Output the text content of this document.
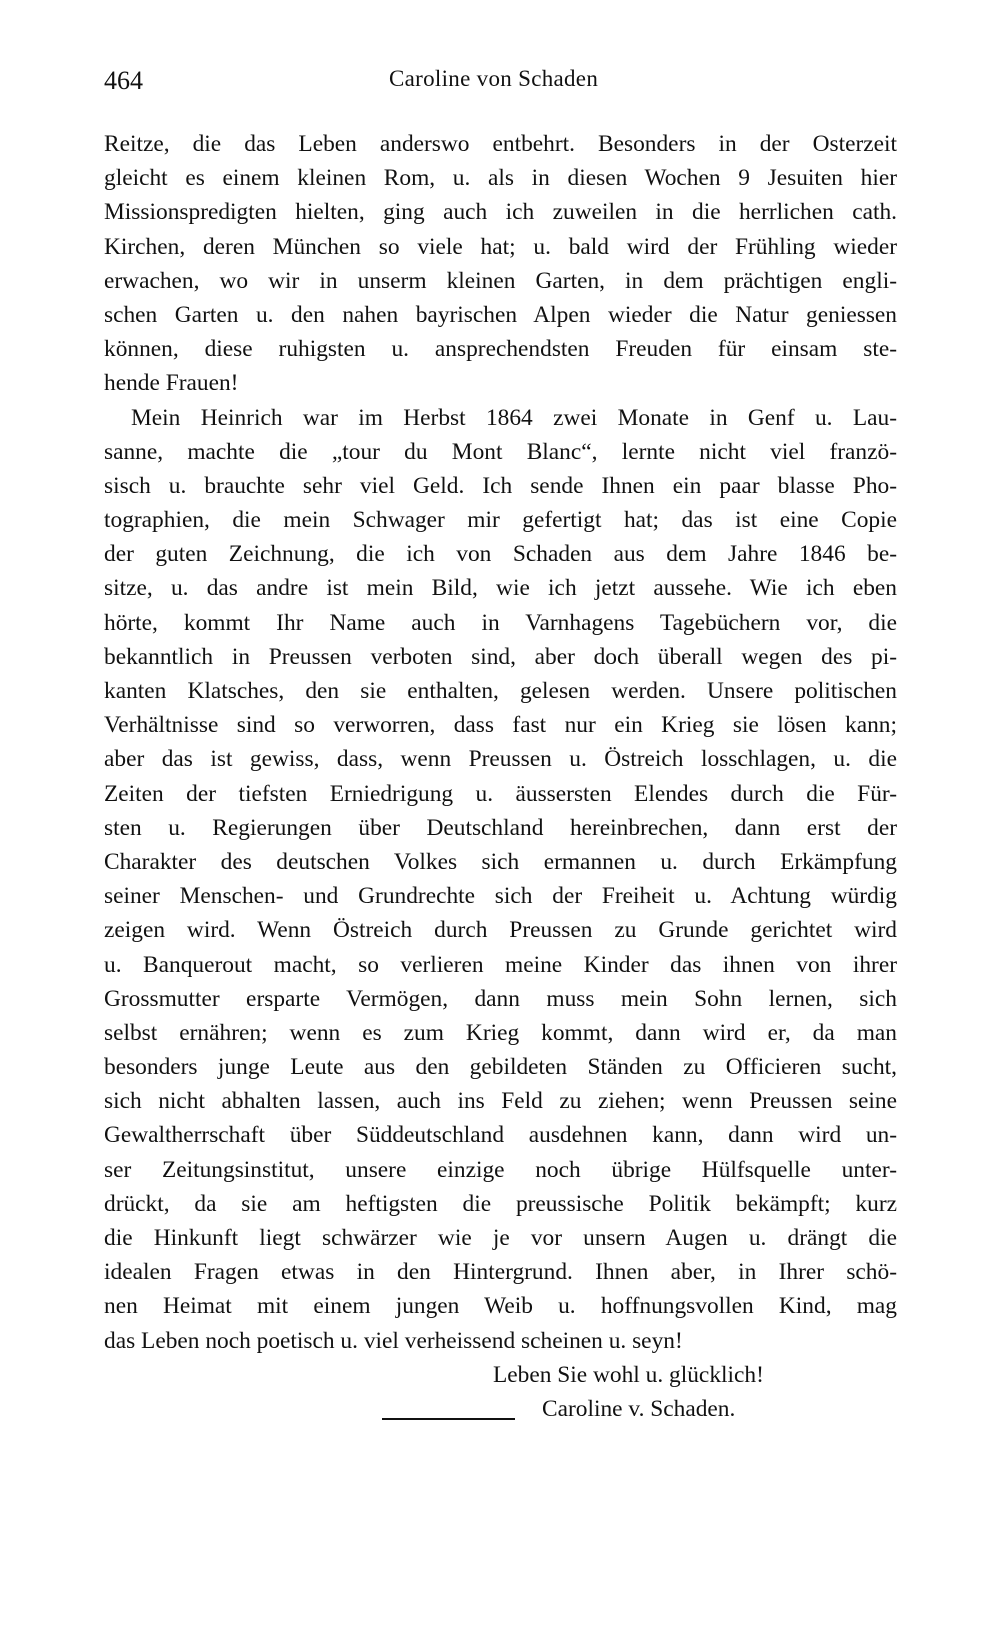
464	Caroline von Schaden
Reitze, die das Leben anderswo entbehrt. Besonders in der Osterzeit
gleicht es einem kleinen Rom, u. als in diesen Wochen 9 Jesuiten hier
Missionspredigten hielten, ging auch ich zuweilen in die herrlichen cath.
Kirchen, deren München so viele hat; u. bald wird der Frühling wieder
erwachen, wo wir in unserm kleinen Garten, in dem prächtigen engli-
schen Garten u. den nahen bayrischen Alpen wieder die Natur geniessen
können, diese ruhigsten u. ansprechendsten Freuden für einsam ste-
hende Frauen!
Mein Heinrich war im Herbst 1864 zwei Monate in Genf u. Lau-
sanne, machte die „tour du Mont Blanc“, lernte nicht viel franzö-
sisch u. brauchte sehr viel Geld. Ich sende Ihnen ein paar blasse Pho-
tographien, die mein Schwager mir gefertigt hat; das ist eine Copie
der guten Zeichnung, die ich von Schaden aus dem Jahre 1846 be-
sitze, u. das andre ist mein Bild, wie ich jetzt aussehe. Wie ich eben
hörte, kommt Ihr Name auch in Varnhagens Tagebüchern vor, die
bekanntlich in Preussen verboten sind, aber doch überall wegen des pi-
kanten Klatsches, den sie enthalten, gelesen werden. Unsere politischen
Verhältnisse sind so verworren, dass fast nur ein Krieg sie lösen kann;
aber das ist gewiss, dass, wenn Preussen u. Östreich losschlagen, u. die
Zeiten der tiefsten Erniedrigung u. äussersten Elendes durch die Für-
sten u. Regierungen über Deutschland hereinbrechen, dann erst der
Charakter des deutschen Volkes sich ermannen u. durch Erkämpfung
seiner Menschen- und Grundrechte sich der Freiheit u. Achtung würdig
zeigen wird. Wenn Östreich durch Preussen zu Grunde gerichtet wird
u. Banquerout macht, so verlieren meine Kinder das ihnen von ihrer
Grossmutter ersparte Vermögen, dann muss mein Sohn lernen, sich
selbst ernähren; wenn es zum Krieg kommt, dann wird er, da man
besonders junge Leute aus den gebildeten Ständen zu Officieren sucht,
sich nicht abhalten lassen, auch ins Feld zu ziehen; wenn Preussen seine
Gewaltherrschaft über Süddeutschland ausdehnen kann, dann wird un-
ser Zeitungsinstitut, unsere einzige noch übrige Hülfsquelle unter-
drückt, da sie am heftigsten die preussische Politik bekämpft; kurz
die Hinkunft liegt schwärzer wie je vor unsern Augen u. drängt die
idealen Fragen etwas in den Hintergrund. Ihnen aber, in Ihrer schö-
nen Heimat mit einem jungen Weib u. hoffnungsvollen Kind, mag
das Leben noch poetisch u. viel verheissend scheinen u. seyn!
Leben Sie wohl u. glücklich!
Caroline v. Schaden.
